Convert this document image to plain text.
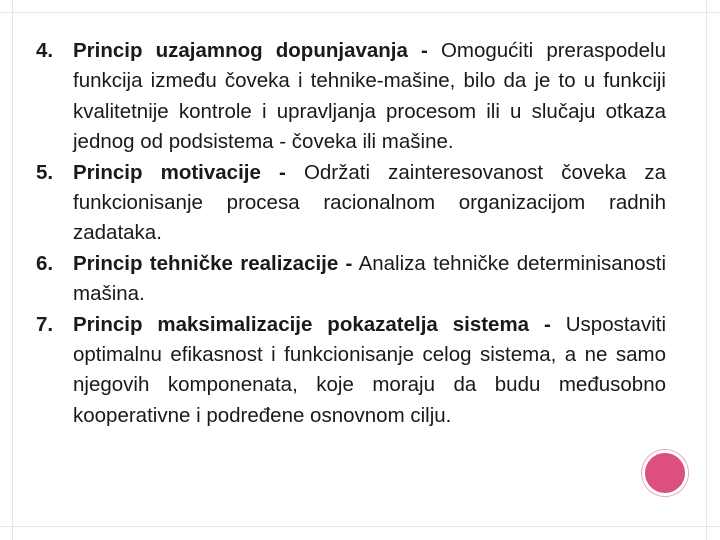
4. Princip uzajamnog dopunjavanja - Omogućiti preraspodelu funkcija između čoveka i tehnike-mašine, bilo da je to u funkciji kvalitetnije kontrole i upravljanja procesom ili u slučaju otkaza jednog od podsistema - čoveka ili mašine.
5. Princip motivacije - Održati zainteresovanost čoveka za funkcionisanje procesa racionalnom organizacijom radnih zadataka.
6. Princip tehničke realizacije - Analiza tehničke determinisanosti mašina.
7. Princip maksimalizacije pokazatelja sistema - Uspostaviti optimalnu efikasnost i funkcionisanje celog sistema, a ne samo njegovih komponenata, koje moraju da budu međusobno kooperativne i podređene osnovnom cilju.
